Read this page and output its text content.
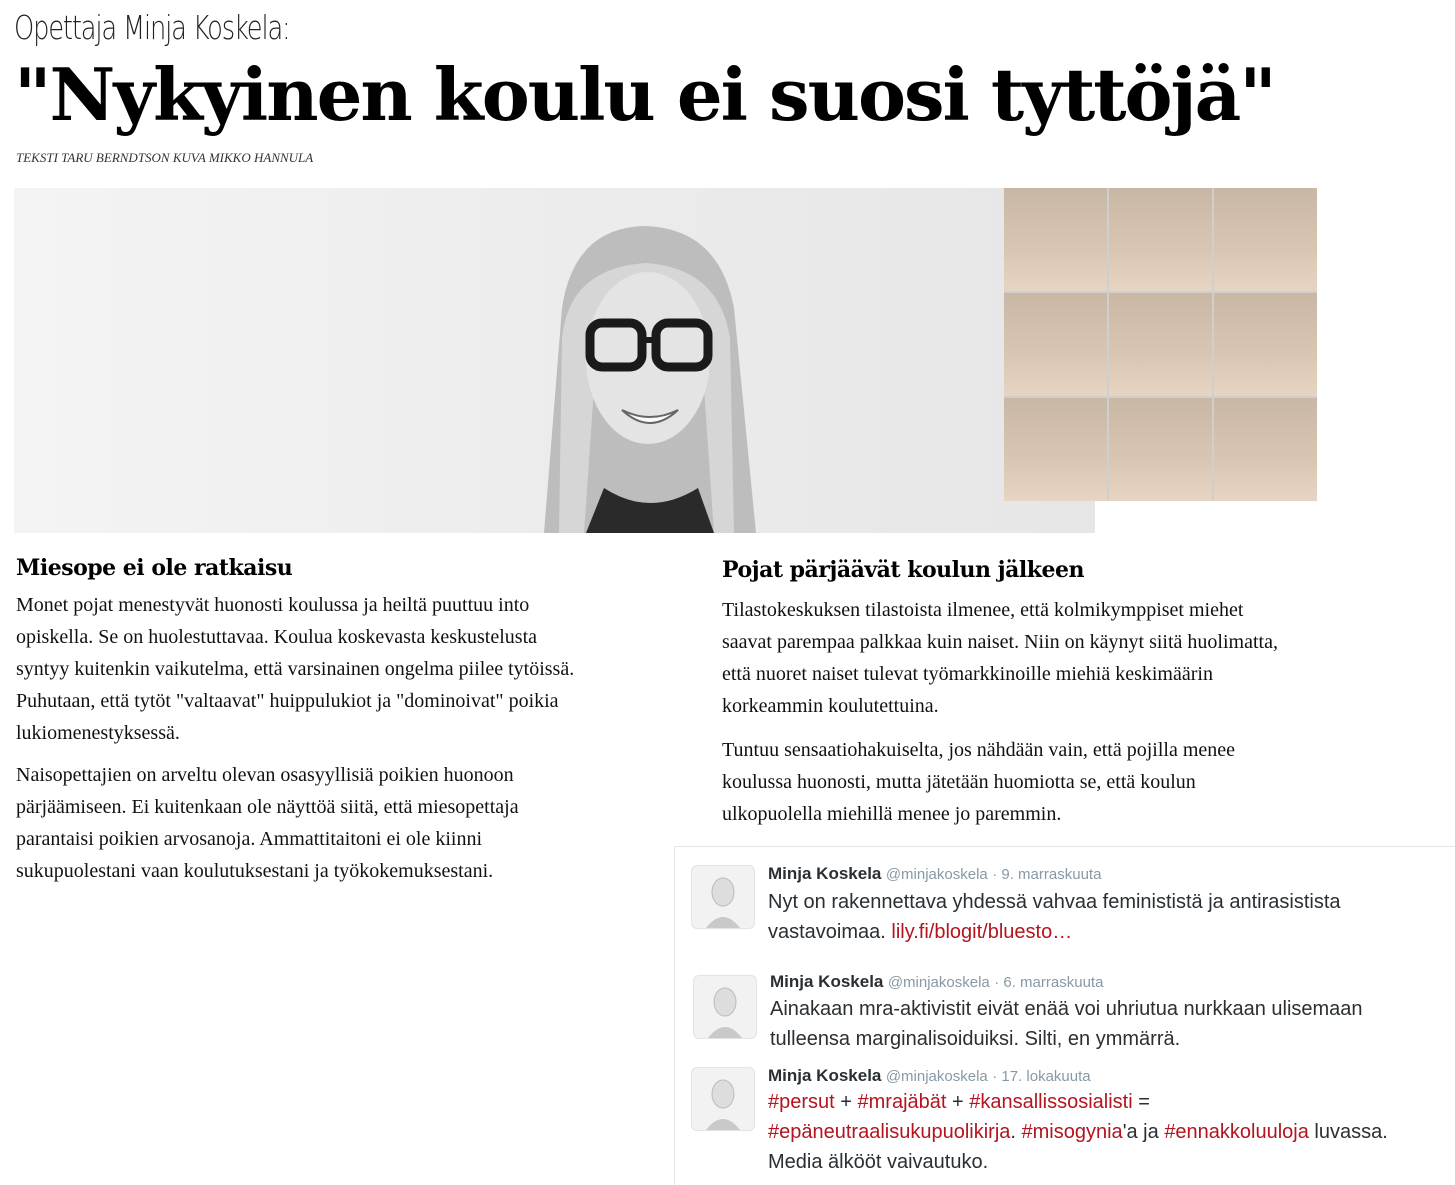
Opettaja Minja Koskela:
"Nykyinen koulu ei suosi tyttöjä"
TEKSTI TARU BERNDTSON KUVA MIKKO HANNULA
Miesope ei ole ratkaisu
Monet pojat menestyvät huonosti koulussa ja heiltä puuttuu into
opiskella. Se on huolestuttavaa. Koulua koskevasta keskustelusta
syntyy kuitenkin vaikutelma, että varsinainen ongelma piilee tytöissä.
Puhutaan, että tytöt "valtaavat" huippulukiot ja "dominoivat" poikia
lukiomenestyksessä.
Naisopettajien on arveltu olevan osasyyllisiä poikien huonoon
pärjäämiseen. Ei kuitenkaan ole näyttöä siitä, että miesopettaja
parantaisi poikien arvosanoja. Ammattitaitoni ei ole kiinni
sukupuolestani vaan koulutuksestani ja työkokemuksestani.
Pojat pärjäävät koulun jälkeen
Tilastokeskuksen tilastoista ilmenee, että kolmikymppiset miehet
saavat parempaa palkkaa kuin naiset. Niin on käynyt siitä huolimatta,
että nuoret naiset tulevat työmarkkinoille miehiä keskimäärin
korkeammin koulutettuina.
Tuntuu sensaatiohakuiselta, jos nähdään vain, että pojilla menee
koulussa huonosti, mutta jätetään huomiotta se, että koulun
ulkopuolella miehillä menee jo paremmin.
Minja Koskela @minjakoskela · 9. marraskuuta
Nyt on rakennettava yhdessä vahvaa feminististä ja antirasistista
vastavoimaa. lily.fi/blogit/bluesto…
Minja Koskela @minjakoskela · 6. marraskuuta
Ainakaan mra-aktivistit eivät enää voi uhriutua nurkkaan ulisemaan
tulleensa marginalisoiduiksi. Silti, en ymmärrä.
Minja Koskela @minjakoskela · 17. lokakuuta
#persut + #mrajäbät + #kansallissosialisti =
#epäneutraalisukupuolikirja. #misogynia'a ja #ennakkoluuloja luvassa.
Media älkööt vaivautuko.
